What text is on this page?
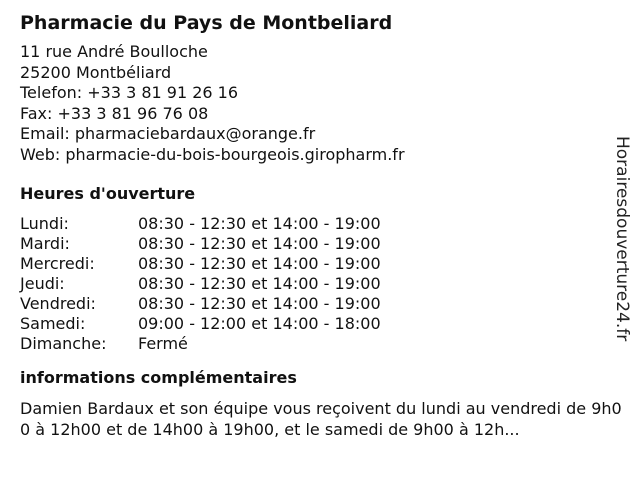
Pharmacie du Pays de Montbeliard
11 rue André Boulloche
25200 Montbéliard
Telefon: +33 3 81 91 26 16
Fax: +33 3 81 96 76 08
Email: pharmaciebardaux@orange.fr
Web: pharmacie-du-bois-bourgeois.giropharm.fr
Heures d'ouverture
Lundi:	08:30 - 12:30 et 14:00 - 19:00
Mardi:	08:30 - 12:30 et 14:00 - 19:00
Mercredi:	08:30 - 12:30 et 14:00 - 19:00
Jeudi:	08:30 - 12:30 et 14:00 - 19:00
Vendredi:	08:30 - 12:30 et 14:00 - 19:00
Samedi:	09:00 - 12:00 et 14:00 - 18:00
Dimanche:	Fermé
informations complémentaires
Damien Bardaux et son équipe vous reçoivent du lundi au vendredi de 9h00 à 12h00 et de 14h00 à 19h00, et le samedi de 9h00 à 12h...
Horairesdouverture24.fr
